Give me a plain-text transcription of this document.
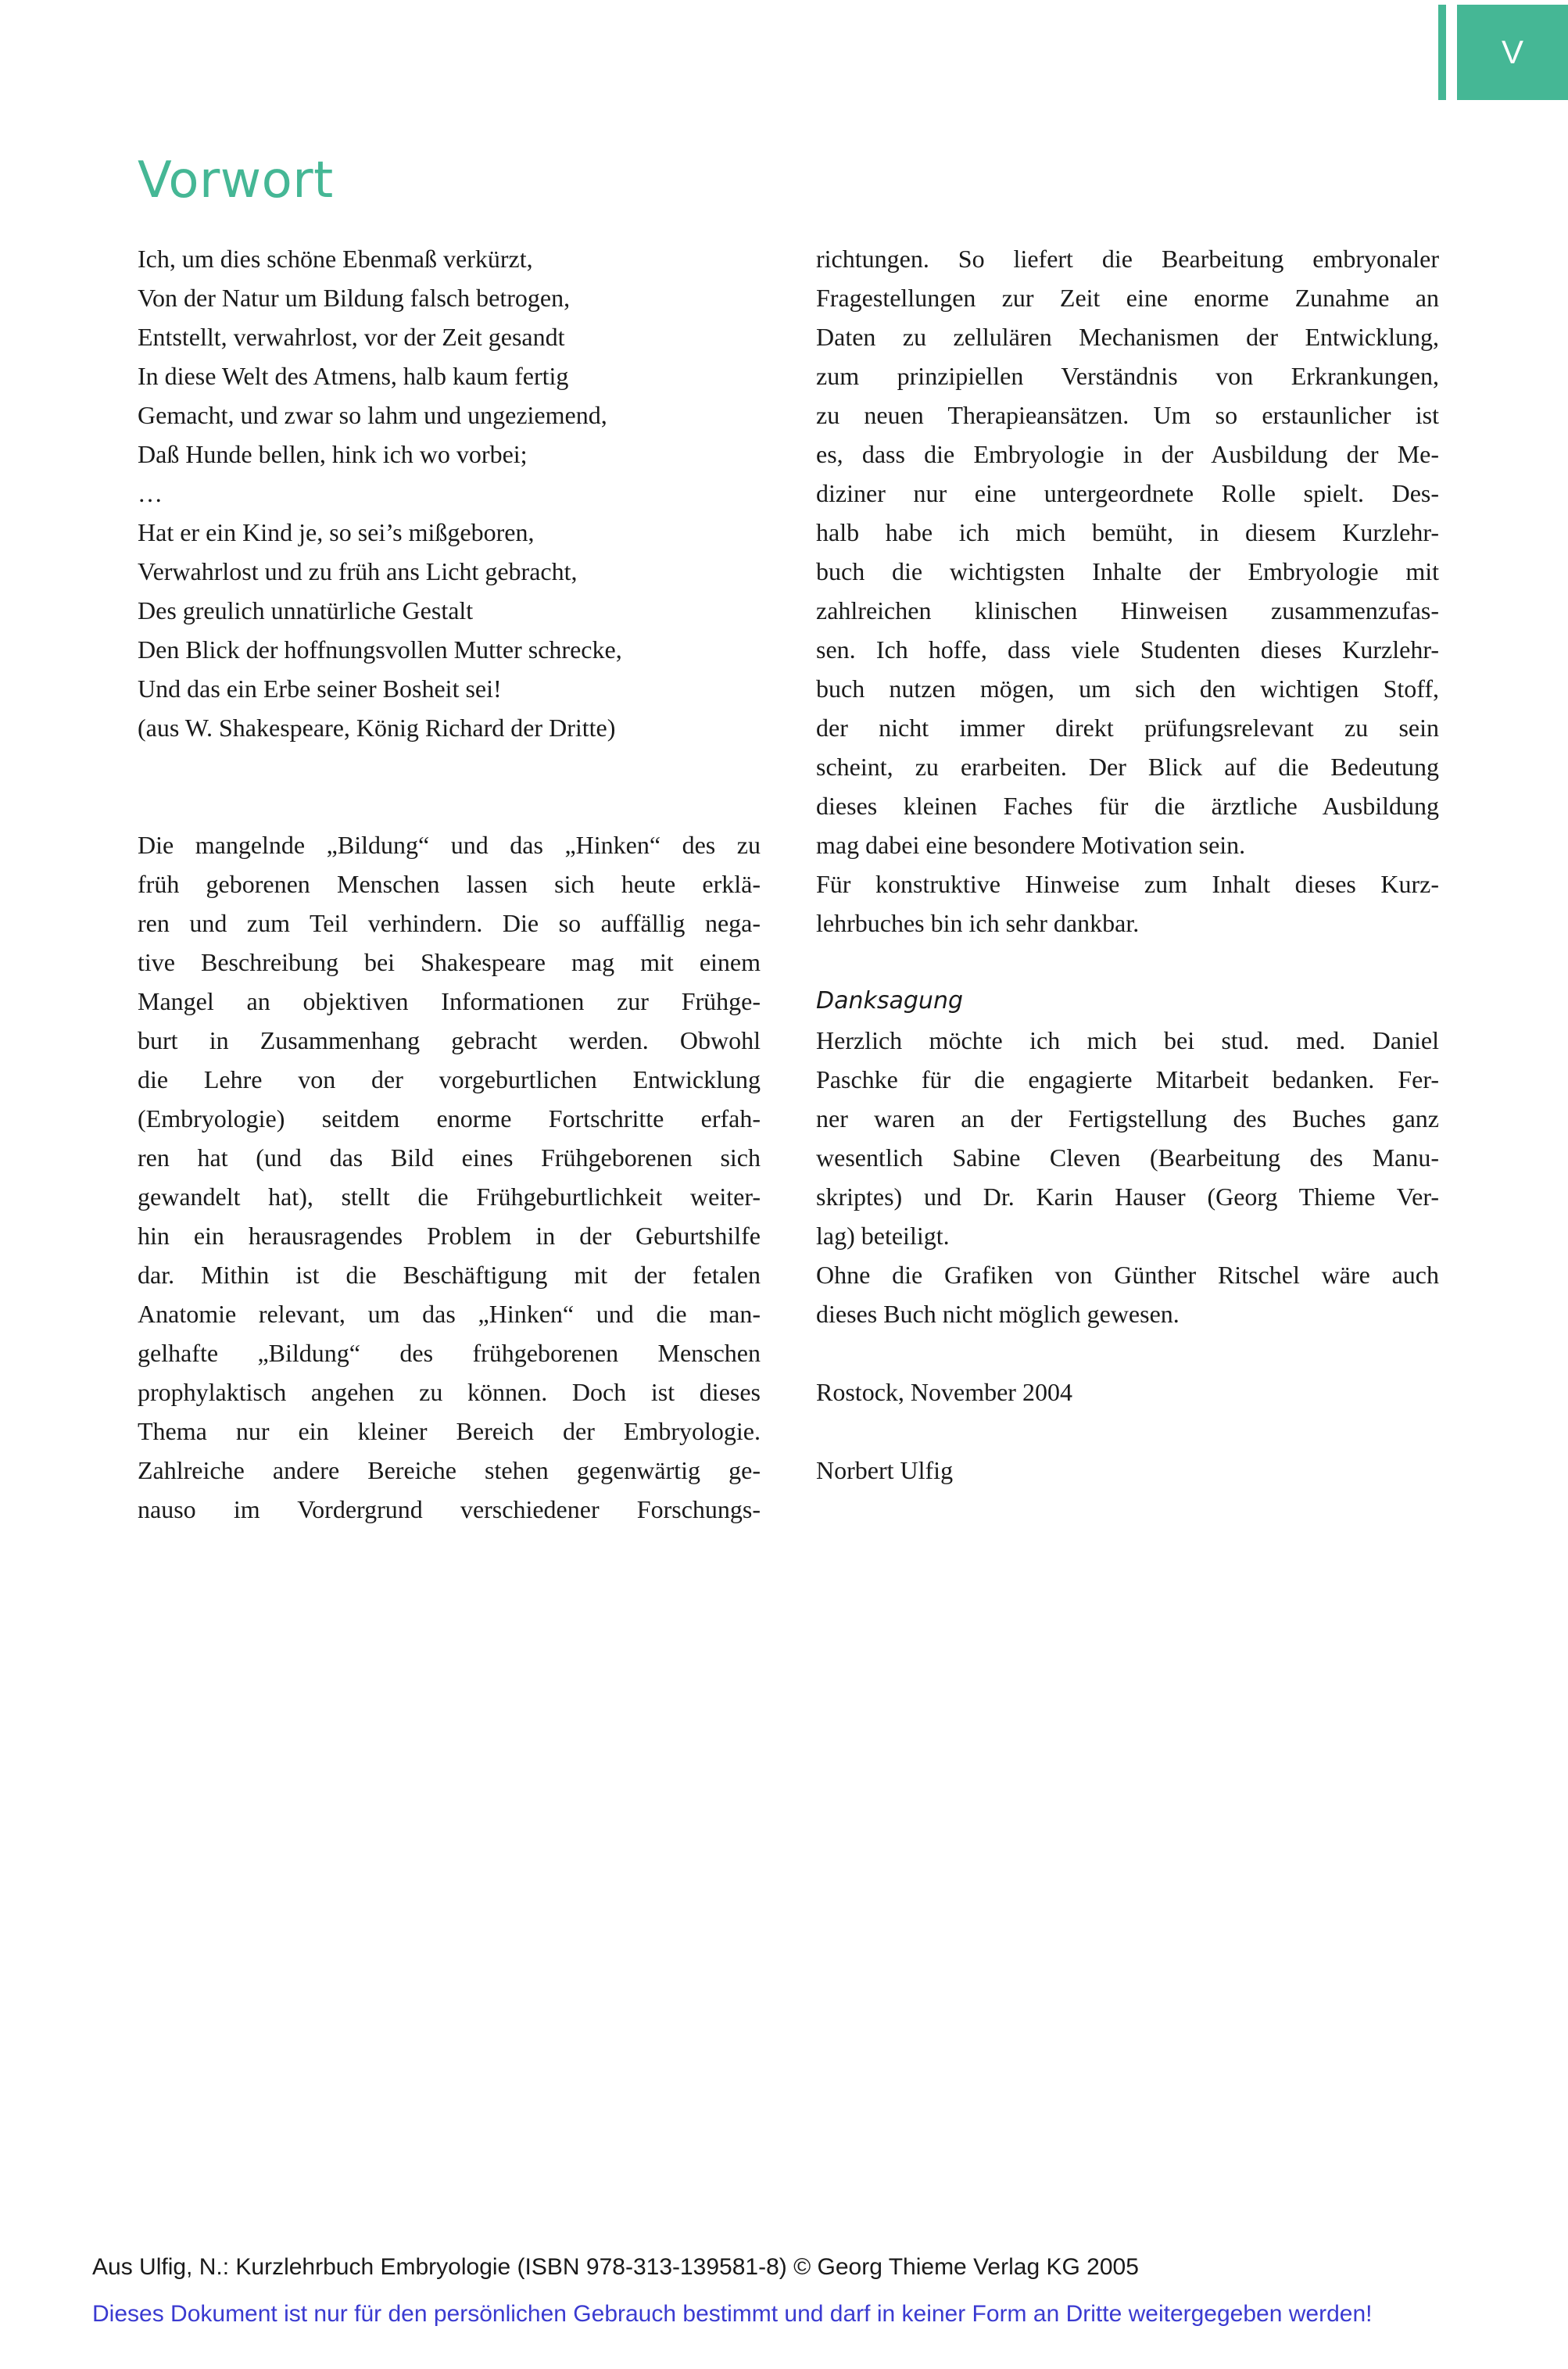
V
Vorwort
Ich, um dies schöne Ebenmaß verkürzt,
Von der Natur um Bildung falsch betrogen,
Entstellt, verwahrlost, vor der Zeit gesandt
In diese Welt des Atmens, halb kaum fertig
Gemacht, und zwar so lahm und ungeziemend,
Daß Hunde bellen, hink ich wo vorbei;
…
Hat er ein Kind je, so sei’s mißgeboren,
Verwahrlost und zu früh ans Licht gebracht,
Des greulich unnatürliche Gestalt
Den Blick der hoffnungsvollen Mutter schrecke,
Und das ein Erbe seiner Bosheit sei!
(aus W. Shakespeare, König Richard der Dritte)
Die mangelnde „Bildung“ und das „Hinken“ des zu
früh geborenen Menschen lassen sich heute erklä-
ren und zum Teil verhindern. Die so auffällig nega-
tive Beschreibung bei Shakespeare mag mit einem
Mangel an objektiven Informationen zur Frühge-
burt in Zusammenhang gebracht werden. Obwohl
die Lehre von der vorgeburtlichen Entwicklung
(Embryologie) seitdem enorme Fortschritte erfah-
ren hat (und das Bild eines Frühgeborenen sich
gewandelt hat), stellt die Frühgeburtlichkeit weiter-
hin ein herausragendes Problem in der Geburtshilfe
dar. Mithin ist die Beschäftigung mit der fetalen
Anatomie relevant, um das „Hinken“ und die man-
gelhafte „Bildung“ des frühgeborenen Menschen
prophylaktisch angehen zu können. Doch ist dieses
Thema nur ein kleiner Bereich der Embryologie.
Zahlreiche andere Bereiche stehen gegenwärtig ge-
nauso im Vordergrund verschiedener Forschungs-
richtungen. So liefert die Bearbeitung embryonaler
Fragestellungen zur Zeit eine enorme Zunahme an
Daten zu zellulären Mechanismen der Entwicklung,
zum prinzipiellen Verständnis von Erkrankungen,
zu neuen Therapieansätzen. Um so erstaunlicher ist
es, dass die Embryologie in der Ausbildung der Me-
diziner nur eine untergeordnete Rolle spielt. Des-
halb habe ich mich bemüht, in diesem Kurzlehr-
buch die wichtigsten Inhalte der Embryologie mit
zahlreichen klinischen Hinweisen zusammenzufas-
sen. Ich hoffe, dass viele Studenten dieses Kurzlehr-
buch nutzen mögen, um sich den wichtigen Stoff,
der nicht immer direkt prüfungsrelevant zu sein
scheint, zu erarbeiten. Der Blick auf die Bedeutung
dieses kleinen Faches für die ärztliche Ausbildung
mag dabei eine besondere Motivation sein.
Für konstruktive Hinweise zum Inhalt dieses Kurz-
lehrbuches bin ich sehr dankbar.
Danksagung
Herzlich möchte ich mich bei stud. med. Daniel
Paschke für die engagierte Mitarbeit bedanken. Fer-
ner waren an der Fertigstellung des Buches ganz
wesentlich Sabine Cleven (Bearbeitung des Manu-
skriptes) und Dr. Karin Hauser (Georg Thieme Ver-
lag) beteiligt.
Ohne die Grafiken von Günther Ritschel wäre auch
dieses Buch nicht möglich gewesen.
Rostock, November 2004
Norbert Ulfig
Aus Ulfig, N.: Kurzlehrbuch Embryologie (ISBN 978-313-139581-8) © Georg Thieme Verlag KG 2005
Dieses Dokument ist nur für den persönlichen Gebrauch bestimmt und darf in keiner Form an Dritte weitergegeben werden!
